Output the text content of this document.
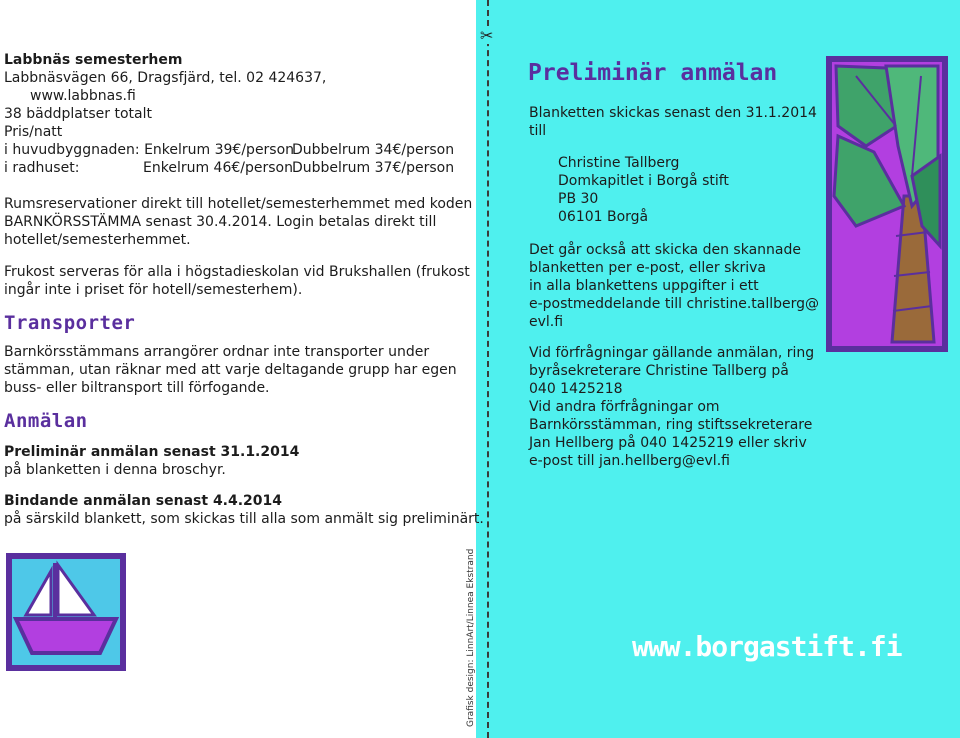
✂
Labbnäs semesterhem
Labbnäsvägen 66, Dragsfjärd, tel. 02 424637,
www.labbnas.fi
38 bäddplatser totalt
Pris/natt
i huvudbyggnaden: Enkelrum 39€/person
Dubbelrum 34€/person
i radhuset:	Enkelrum 46€/person Dubbelrum 37€/person
Rumsreservationer direkt till hotellet/semesterhemmet med koden
BARNKÖRSSTÄMMA senast 30.4.2014. Login betalas direkt till
hotellet/semesterhemmet.
Frukost serveras för alla i högstadieskolan vid Brukshallen (frukost
ingår inte i priset för hotell/semesterhem).
Transporter
Barnkörsstämmans arrangörer ordnar inte transporter under
stämman, utan räknar med att varje deltagande grupp har egen
buss- eller biltransport till förfogande.
Anmälan
Preliminär anmälan senast 31.1.2014
på blanketten i denna broschyr.
Bindande anmälan senast 4.4.2014
på särskild blankett, som skickas till alla som anmält sig preliminärt.
Preliminär anmälan
Blanketten skickas senast den 31.1.2014
till
Christine Tallberg
Domkapitlet i Borgå stift
PB 30
06101 Borgå
Det går också att skicka den skannade
blanketten per e-post, eller skriva
in alla blankettens uppgifter i ett
e-postmeddelande till christine.tallberg@
evl.fi
Vid förfrågningar gällande anmälan, ring
byråsekreterare Christine Tallberg på
040 1425218
Vid andra förfrågningar om
Barnkörsstämman, ring stiftssekreterare
Jan Hellberg på 040 1425219 eller skriv
e-post till jan.hellberg@evl.fi
www.borgastift.fi
Grafisk design: LinnArt/Linnea Ekstrand
